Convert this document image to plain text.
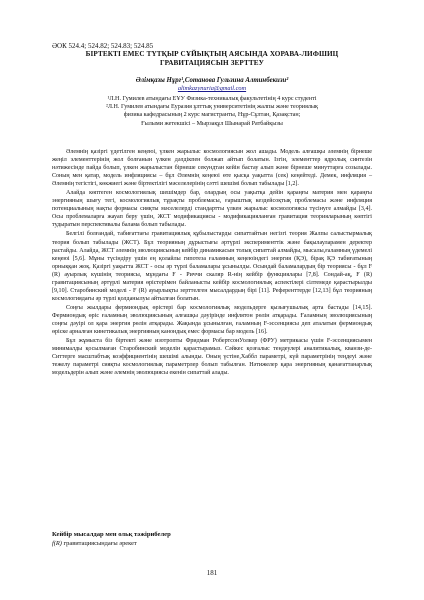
ӘОК 524.4; 524.82; 524.83; 524.85
БІРТЕКТІ ЕМЕС ТҮТҚЫР СҰЙЫҚТЫҢ АЯСЫНДА ХОРАВА-ЛИФШИЦ
ГРАВИТАЦИЯСЫН ЗЕРТТЕУ
Әлімқазы Нұрғ¹,Сотанова Гульзина Алтинбекизи²
alimkazynuria@gmail.com
¹Л.Н. Гумилев атындағы ЕҰУ Физика-техникалық факультетінің 4 курс студенті
²Л.Н. Гумилев атындағы Еуразия ұлттық университетінің жалпы және теориялық
физика кафедрасының 2 курс магистранты, Нұр-Сұлтан, Қазақстан;
Ғылыми жетекшісі – Мырзақұл Шынарай Ратбайқызы

Әлемнің қазіргі үдетілген кеңеюі, үлкен жарылыс космологиясын жол ашады. Модель алғашқы әлемнің бірнеше жеңіл элементтерінің жол болғанын үлкен дәлдікпен болжап айтып болатын. Ізгін, элементтер ядролық синтезін нәтижесінде пайда болып, үлкен жарылыстан бірнеше секундтан кейін бастау алып және бірнеше минуттарға созылады. Соның мен қатар, модель инфляциясы – бұл Әлемнің кеңеюі өте қысқа уақытта (сек) кеңейтеді. Демек, инфляция –Әлемнің тегістігі, көкжиегі және біртектілігі мәселелерінің сәтті шешімі болып табылады [1,2].

Алайда көптеген космологиялық шешімдер бар, олардың осы уақытқа дейін қараңғы материя мен қараңғы энергияның шығу тегі, космологиялық тұрақты проблемасы, ғарыштық кездейсоқтық проблемасы және инфляция потенциалының нақты формасы сияқты мәселелерді стандартты үлкен жарылыс космологиясы түсінуге алмайды [3,4]. Осы проблемаларға жауап беру үшін, ЖСТ модификациясы - модификацияланған гравитация теорияларының көптігі тудыратын перспективалы балама болып табылады.

Белгілі болғандай, табиғаттағы гравитациялық құбылыстарды сипаттайтын негізгі теория Жалпы салыстырмалық теория болып табылады (ЖСТ). Бұл теорияның дұрыстығы әртүрлі эксперименттік және бақылауларамен деректер растайды. Алайда, ЖСТ әлемнің эволюциясының кейбір динамикасын толық сипаттай алмайды, мысалы,ғаламның үдемелі кеңеюі [5,6]. Мұны түсіндіру үшін ең қолайлы гипотеза ғаламның кеңеюіндегі энергия (ҚЭ), бірақ ҚЭ табиғатының орныққан жоқ. Қазіргі уақытта ЖСТ - осы әр түрлі баламалары ұсынылды. Осындай баламалардың бір теориясы - бұл F (R) ауырлық күшінің теориясы, мұндағы F - Риччи скаляр R-нің кейбір функциялары [7,8]. Сондай-ақ, F (R) гравитациясының әртүрлі материя өрістерімен байланысты кейбір космологиялық аспектілері сілтемеде қарастырылды [9,10]. Старобинский моделі - F (R) ауырлықты зерттелген мысалдардың бірі [11]. Референттерде [12,13] бұл теорияның космологиядағы әр түрлі қолданылуы айтылған болатын.

Соңғы жылдары фермиондық өрістері бар космологиялық модельдерге қызығушылық арта бастады [14,15]. Фермиондық өріс ғаламның эволюциясының алғашқы дәуірінде инфлятон рөлін атқарады. Ғаламның эволюциясының соңғы дәуірі ол қара энергия рөлін атқарады. Жақында ұсынылған, ғаламның F-эссенциясы деп аталатын фермиондық өріске арналған кинетикалық энергияның канондық емес формасы бар модель [16].

Бұл жұмыста біз біртекті және изотропты Фридман РобертсонУолкер (ФРУ) метрикасы үшін F-эссенциясымен минималды қосылмаған Старобинский моделін қарастырамыз. Сәйкес қозғалыс теңдеулері аналитикалық, кванзи-де-Ситтерге масштабтық коэффициентінің шешімі алынды. Оның үстіне,Хаббл параметрі, күй параметрінің теңдеуі және тежелу параметрі сияқты космологиялық параметрлер болып табылған. Нәтижелер қара энергияның қанағаттанарлық модельдерін алып және әлемнің эволюциясы екенін сипаттай алады.

Кейбір мысалдар мен ольқ тәжірибелер
f(R) гравитациясындағы әрекет
181
